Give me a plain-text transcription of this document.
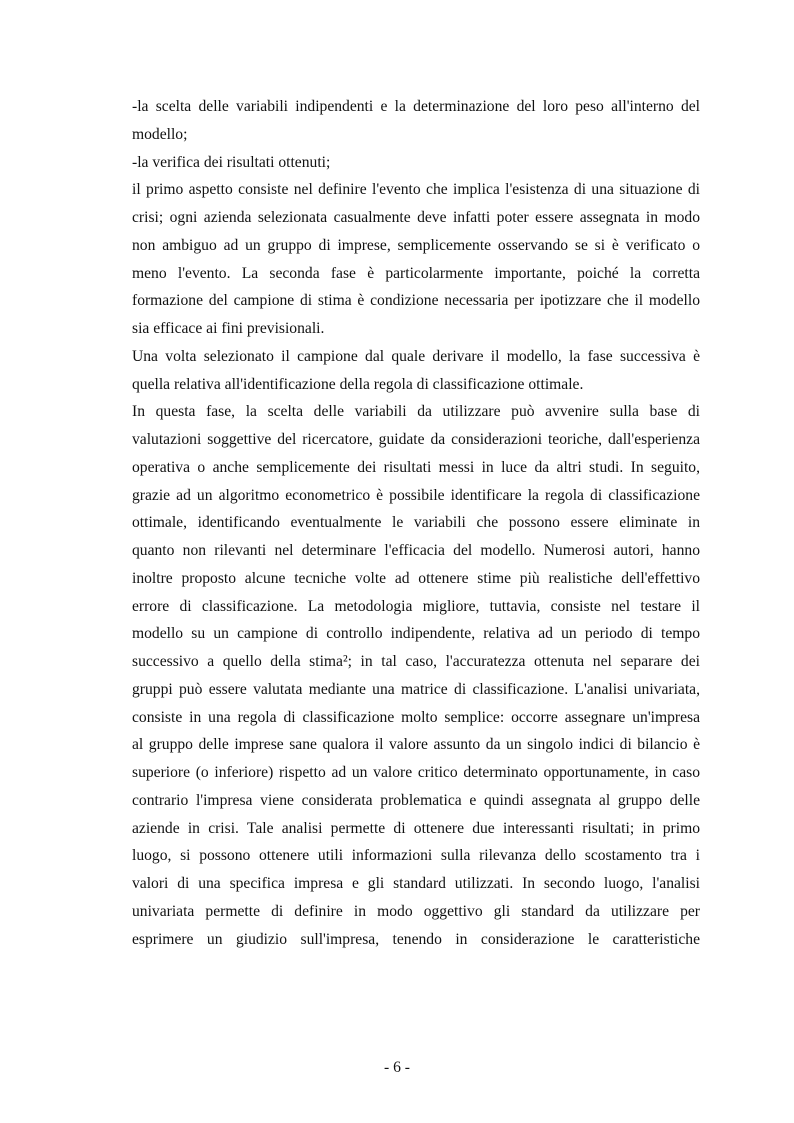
-la scelta delle variabili indipendenti e la determinazione del loro peso all'interno del
modello;
-la verifica dei risultati ottenuti;
il primo aspetto consiste nel definire l'evento che implica l'esistenza di una situazione di
crisi; ogni azienda selezionata casualmente deve infatti poter essere assegnata in modo
non ambiguo ad un gruppo di imprese, semplicemente osservando se si è verificato o
meno l'evento. La seconda fase è particolarmente importante, poiché la corretta
formazione del campione di stima è condizione necessaria per ipotizzare che il modello
sia efficace ai fini previsionali.
Una volta selezionato il campione dal quale derivare il modello, la fase successiva è
quella relativa all'identificazione della regola di classificazione ottimale.
In questa fase, la scelta delle variabili da utilizzare può avvenire sulla base di
valutazioni soggettive del ricercatore, guidate da considerazioni teoriche, dall'esperienza
operativa o anche semplicemente dei risultati messi in luce da altri studi. In seguito,
grazie ad un algoritmo econometrico è possibile identificare la regola di classificazione
ottimale, identificando eventualmente le variabili che possono essere eliminate in
quanto non rilevanti nel determinare l'efficacia del modello. Numerosi autori, hanno
inoltre proposto alcune tecniche volte ad ottenere stime più realistiche dell'effettivo
errore di classificazione. La metodologia migliore, tuttavia, consiste nel testare il
modello su un campione di controllo indipendente, relativa ad un periodo di tempo
successivo a quello della stima²; in tal caso, l'accuratezza ottenuta nel separare dei
gruppi può essere valutata mediante una matrice di classificazione. L'analisi univariata,
consiste in una regola di classificazione molto semplice: occorre assegnare un'impresa
al gruppo delle imprese sane qualora il valore assunto da un singolo indici di bilancio è
superiore (o inferiore) rispetto ad un valore critico determinato opportunamente, in caso
contrario l'impresa viene considerata problematica e quindi assegnata al gruppo delle
aziende in crisi. Tale analisi permette di ottenere due interessanti risultati; in primo
luogo, si possono ottenere utili informazioni sulla rilevanza dello scostamento tra i
valori di una specifica impresa e gli standard utilizzati. In secondo luogo, l'analisi
univariata permette di definire in modo oggettivo gli standard da utilizzare per
esprimere un giudizio sull'impresa, tenendo in considerazione le caratteristiche
- 6 -
